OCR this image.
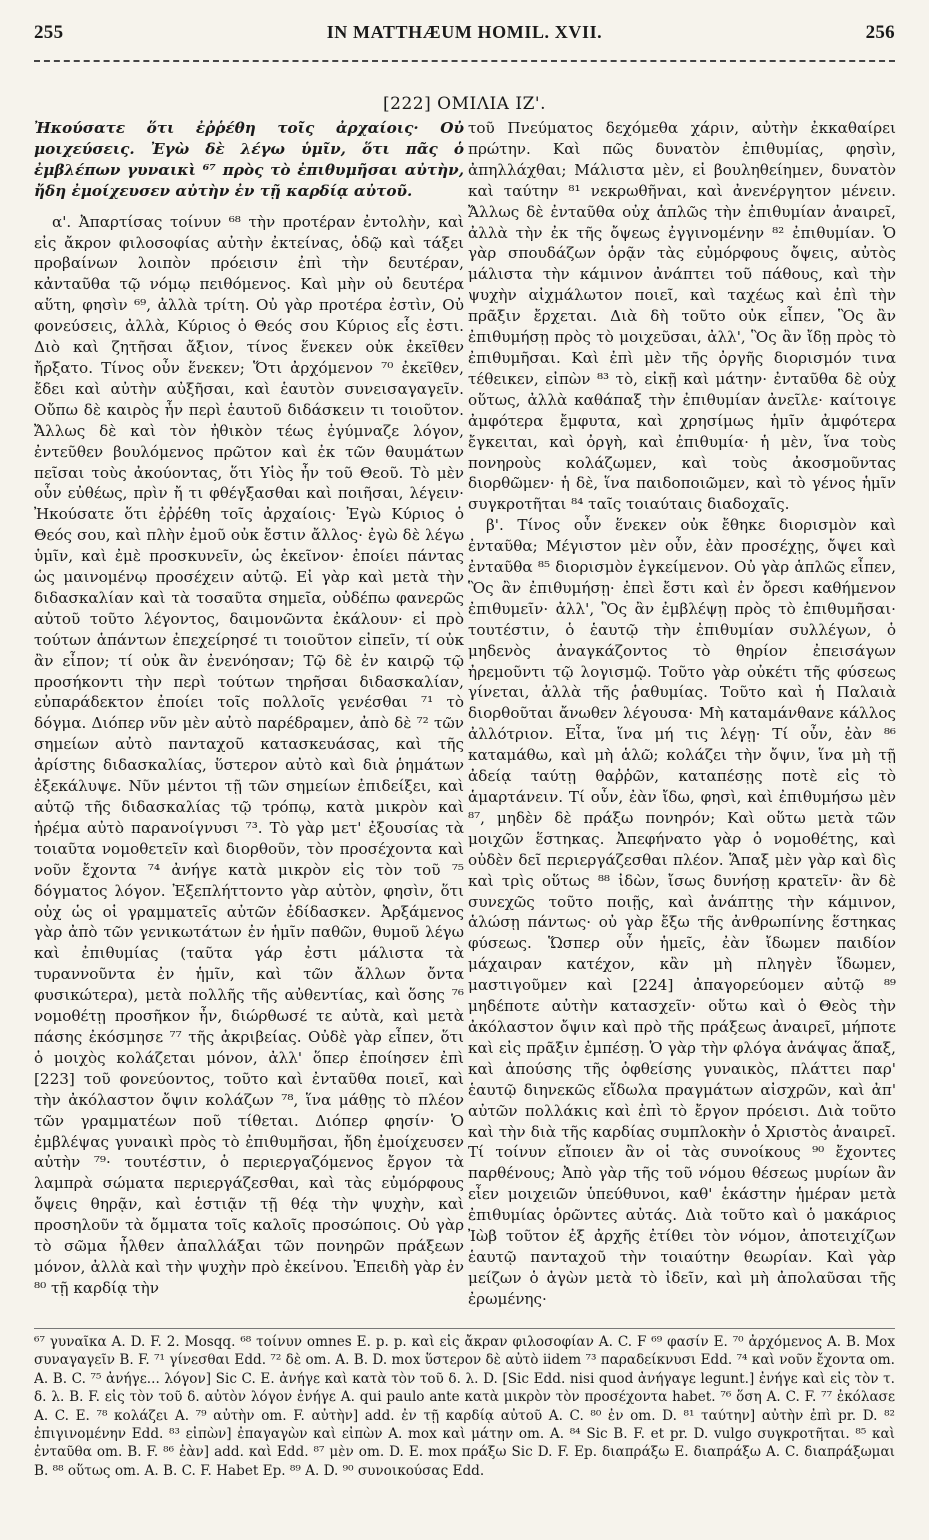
255	IN MATTHÆUM HOMIL. XVII.	256
[222] ΟΜΙΛΙΑ ΙΖ'.

Ἠκούσατε ὅτι ἐῤῥέθη τοῖς ἀρχαίοις· Οὐ μοιχεύσεις. Ἐγὼ δὲ λέγω ὑμῖν, ὅτι πᾶς ὁ ἐμβλέπων γυναικὶ ⁶⁷ πρὸς τὸ ἐπιθυμῆσαι αὐτὴν, ἤδη ἐμοίχευσεν αὐτὴν ἐν τῇ καρδίᾳ αὐτοῦ.

α'. Ἀπαρτίσας τοίνυν ⁶⁸ τὴν προτέραν ἐντολὴν, καὶ εἰς ἄκρον φιλοσοφίας αὐτὴν ἐκτείνας, ὁδῷ καὶ τάξει προβαίνων λοιπὸν πρόεισιν ἐπὶ τὴν δευτέραν, κἀνταῦθα τῷ νόμῳ πειθόμενος. Καὶ μὴν οὐ δευτέρα αὕτη, φησὶν ⁶⁹, ἀλλὰ τρίτη. Οὐ γὰρ προτέρα ἐστὶν, Οὐ φονεύσεις, ἀλλὰ, Κύριος ὁ Θεός σου Κύριος εἷς ἐστι. Διὸ καὶ ζητῆσαι ἄξιον, τίνος ἕνεκεν οὐκ ἐκεῖθεν ἤρξατο. Τίνος οὖν ἕνεκεν; Ὅτι ἀρχόμενον ⁷⁰ ἐκεῖθεν, ἔδει καὶ αὐτὴν αὐξῆσαι, καὶ ἑαυτὸν συνεισαγαγεῖν. Οὔπω δὲ καιρὸς ἦν περὶ ἑαυτοῦ διδάσκειν τι τοιοῦτον. Ἄλλως δὲ καὶ τὸν ἠθικὸν τέως ἐγύμναζε λόγον, ἐντεῦθεν βουλόμενος πρῶτον καὶ ἐκ τῶν θαυμάτων πεῖσαι τοὺς ἀκούοντας, ὅτι Υἱὸς ἦν τοῦ Θεοῦ. Τὸ μὲν οὖν εὐθέως, πρὶν ἤ τι φθέγξασθαι καὶ ποιῆσαι, λέγειν· Ἠκούσατε ὅτι ἐῤῥέθη τοῖς ἀρχαίοις· Ἐγὼ Κύριος ὁ Θεός σου, καὶ πλὴν ἐμοῦ οὐκ ἔστιν ἄλλος· ἐγὼ δὲ λέγω ὑμῖν, καὶ ἐμὲ προσκυνεῖν, ὡς ἐκεῖνον· ἐποίει πάντας ὡς μαινομένῳ προσέχειν αὐτῷ. Εἰ γὰρ καὶ μετὰ τὴν διδασκαλίαν καὶ τὰ τοσαῦτα σημεῖα, οὐδέπω φανερῶς αὐτοῦ τοῦτο λέγοντος, δαιμονῶντα ἐκάλουν· εἰ πρὸ τούτων ἁπάντων ἐπεχείρησέ τι τοιοῦτον εἰπεῖν, τί οὐκ ἂν εἶπον; τί οὐκ ἂν ἐνενόησαν; Τῷ δὲ ἐν καιρῷ τῷ προσήκοντι τὴν περὶ τούτων τηρῆσαι διδασκαλίαν, εὐπαράδεκτον ἐποίει τοῖς πολλοῖς γενέσθαι ⁷¹ τὸ δόγμα. Διόπερ νῦν μὲν αὐτὸ παρέδραμεν, ἀπὸ δὲ ⁷² τῶν σημείων αὐτὸ πανταχοῦ κατασκευάσας, καὶ τῆς ἀρίστης διδασκαλίας, ὕστερον αὐτὸ καὶ διὰ ῥημάτων ἐξεκάλυψε. Νῦν μέντοι τῇ τῶν σημείων ἐπιδείξει, καὶ αὐτῷ τῆς διδασκαλίας τῷ τρόπῳ, κατὰ μικρὸν καὶ ἠρέμα αὐτὸ παρανοίγνυσι ⁷³. Τὸ γὰρ μετ' ἐξουσίας τὰ τοιαῦτα νομοθετεῖν καὶ διορθοῦν, τὸν προσέχοντα καὶ νοῦν ἔχοντα ⁷⁴ ἀνήγε κατὰ μικρὸν εἰς τὸν τοῦ ⁷⁵ δόγματος λόγον. Ἐξεπλήττοντο γὰρ αὐτὸν, φησὶν, ὅτι οὐχ ὡς οἱ γραμματεῖς αὐτῶν ἐδίδασκεν. Ἀρξάμενος γὰρ ἀπὸ τῶν γενικωτάτων ἐν ἡμῖν παθῶν, θυμοῦ λέγω καὶ ἐπιθυμίας (ταῦτα γάρ ἐστι μάλιστα τὰ τυραννοῦντα ἐν ἡμῖν, καὶ τῶν ἄλλων ὄντα φυσικώτερα), μετὰ πολλῆς τῆς αὐθεντίας, καὶ ὅσης ⁷⁶ νομοθέτῃ προσῆκον ἦν, διώρθωσέ τε αὐτὰ, καὶ μετὰ πάσης ἐκόσμησε ⁷⁷ τῆς ἀκριβείας. Οὐδὲ γὰρ εἶπεν, ὅτι ὁ μοιχὸς κολάζεται μόνον, ἀλλ' ὅπερ ἐποίησεν ἐπὶ [223] τοῦ φονεύοντος, τοῦτο καὶ ἐνταῦθα ποιεῖ, καὶ τὴν ἀκόλαστον ὄψιν κολάζων ⁷⁸, ἵνα μάθῃς τὸ πλέον τῶν γραμματέων ποῦ τίθεται. Διόπερ φησίν· Ὁ ἐμβλέψας γυναικὶ πρὸς τὸ ἐπιθυμῆσαι, ἤδη ἐμοίχευσεν αὐτὴν ⁷⁹· τουτέστιν, ὁ περιεργαζόμενος ἔργον τὰ λαμπρὰ σώματα περιεργάζεσθαι, καὶ τὰς εὐμόρφους ὄψεις θηρᾷν, καὶ ἑστιᾷν τῇ θέᾳ τὴν ψυχὴν, καὶ προσηλοῦν τὰ ὄμματα τοῖς καλοῖς προσώποις. Οὐ γὰρ τὸ σῶμα ἦλθεν ἀπαλλάξαι τῶν πονηρῶν πράξεων μόνον, ἀλλὰ καὶ τὴν ψυχὴν πρὸ ἐκείνου. Ἐπειδὴ γὰρ ἐν ⁸⁰ τῇ καρδίᾳ τὴν

τοῦ Πνεύματος δεχόμεθα χάριν, αὐτὴν ἐκκαθαίρει πρώτην. Καὶ πῶς δυνατὸν ἐπιθυμίας, φησὶν, ἀπηλλάχθαι; Μάλιστα μὲν, εἰ βουληθείημεν, δυνατὸν καὶ ταύτην ⁸¹ νεκρωθῆναι, καὶ ἀνενέργητον μένειν. Ἄλλως δὲ ἐνταῦθα οὐχ ἁπλῶς τὴν ἐπιθυμίαν ἀναιρεῖ, ἀλλὰ τὴν ἐκ τῆς ὄψεως ἐγγινομένην ⁸² ἐπιθυμίαν. Ὁ γὰρ σπουδάζων ὁρᾷν τὰς εὐμόρφους ὄψεις, αὐτὸς μάλιστα τὴν κάμινον ἀνάπτει τοῦ πάθους, καὶ τὴν ψυχὴν αἰχμάλωτον ποιεῖ, καὶ ταχέως καὶ ἐπὶ τὴν πρᾶξιν ἔρχεται. Διὰ δὴ τοῦτο οὐκ εἶπεν, Ὃς ἂν ἐπιθυμήσῃ πρὸς τὸ μοιχεῦσαι, ἀλλ', Ὃς ἂν ἴδῃ πρὸς τὸ ἐπιθυμῆσαι. Καὶ ἐπὶ μὲν τῆς ὀργῆς διορισμόν τινα τέθεικεν, εἰπὼν ⁸³ τὸ, εἰκῇ καὶ μάτην· ἐνταῦθα δὲ οὐχ οὕτως, ἀλλὰ καθάπαξ τὴν ἐπιθυμίαν ἀνεῖλε· καίτοιγε ἀμφότερα ἔμφυτα, καὶ χρησίμως ἡμῖν ἀμφότερα ἔγκειται, καὶ ὀργὴ, καὶ ἐπιθυμία· ἡ μὲν, ἵνα τοὺς πονηροὺς κολάζωμεν, καὶ τοὺς ἀκοσμοῦντας διορθῶμεν· ἡ δὲ, ἵνα παιδοποιῶμεν, καὶ τὸ γένος ἡμῖν συγκροτῆται ⁸⁴ ταῖς τοιαύταις διαδοχαῖς.

β'. Τίνος οὖν ἕνεκεν οὐκ ἔθηκε διορισμὸν καὶ ἐνταῦθα; Μέγιστον μὲν οὖν, ἐὰν προσέχῃς, ὄψει καὶ ἐνταῦθα ⁸⁵ διορισμὸν ἐγκείμενον. Οὐ γὰρ ἁπλῶς εἶπεν, Ὃς ἂν ἐπιθυμήσῃ· ἐπεὶ ἔστι καὶ ἐν ὄρεσι καθήμενον ἐπιθυμεῖν· ἀλλ', Ὃς ἂν ἐμβλέψῃ πρὸς τὸ ἐπιθυμῆσαι· τουτέστιν, ὁ ἑαυτῷ τὴν ἐπιθυμίαν συλλέγων, ὁ μηδενὸς ἀναγκάζοντος τὸ θηρίον ἐπεισάγων ἠρεμοῦντι τῷ λογισμῷ. Τοῦτο γὰρ οὐκέτι τῆς φύσεως γίνεται, ἀλλὰ τῆς ῥαθυμίας. Τοῦτο καὶ ἡ Παλαιὰ διορθοῦται ἄνωθεν λέγουσα· Μὴ καταμάνθανε κάλλος ἀλλότριον. Εἶτα, ἵνα μή τις λέγῃ· Τί οὖν, ἐὰν ⁸⁶ καταμάθω, καὶ μὴ ἁλῶ; κολάζει τὴν ὄψιν, ἵνα μὴ τῇ ἀδείᾳ ταύτῃ θαῤῥῶν, καταπέσῃς ποτὲ εἰς τὸ ἁμαρτάνειν. Τί οὖν, ἐὰν ἴδω, φησὶ, καὶ ἐπιθυμήσω μὲν ⁸⁷, μηδὲν δὲ πράξω πονηρόν; Καὶ οὕτω μετὰ τῶν μοιχῶν ἕστηκας. Ἀπεφήνατο γὰρ ὁ νομοθέτης, καὶ οὐδὲν δεῖ περιεργάζεσθαι πλέον. Ἅπαξ μὲν γὰρ καὶ δὶς καὶ τρὶς οὕτως ⁸⁸ ἰδὼν, ἴσως δυνήσῃ κρατεῖν· ἂν δὲ συνεχῶς τοῦτο ποιῇς, καὶ ἀνάπτῃς τὴν κάμινον, ἁλώσῃ πάντως· οὐ γὰρ ἔξω τῆς ἀνθρωπίνης ἕστηκας φύσεως. Ὥσπερ οὖν ἡμεῖς, ἐὰν ἴδωμεν παιδίον μάχαιραν κατέχον, κἂν μὴ πληγὲν ἴδωμεν, μαστιγοῦμεν καὶ [224] ἀπαγορεύομεν αὐτῷ ⁸⁹ μηδέποτε αὐτὴν κατασχεῖν· οὕτω καὶ ὁ Θεὸς τὴν ἀκόλαστον ὄψιν καὶ πρὸ τῆς πράξεως ἀναιρεῖ, μήποτε καὶ εἰς πρᾶξιν ἐμπέσῃ. Ὁ γὰρ τὴν φλόγα ἀνάψας ἅπαξ, καὶ ἀπούσης τῆς ὀφθείσης γυναικὸς, πλάττει παρ' ἑαυτῷ διηνεκῶς εἴδωλα πραγμάτων αἰσχρῶν, καὶ ἀπ' αὐτῶν πολλάκις καὶ ἐπὶ τὸ ἔργον πρόεισι. Διὰ τοῦτο καὶ τὴν διὰ τῆς καρδίας συμπλοκὴν ὁ Χριστὸς ἀναιρεῖ. Τί τοίνυν εἴποιεν ἂν οἱ τὰς συνοίκους ⁹⁰ ἔχοντες παρθένους; Ἀπὸ γὰρ τῆς τοῦ νόμου θέσεως μυρίων ἂν εἶεν μοιχειῶν ὑπεύθυνοι, καθ' ἑκάστην ἡμέραν μετὰ ἐπιθυμίας ὁρῶντες αὐτάς. Διὰ τοῦτο καὶ ὁ μακάριος Ἰὼβ τοῦτον ἐξ ἀρχῆς ἐτίθει τὸν νόμον, ἀποτειχίζων ἑαυτῷ πανταχοῦ τὴν τοιαύτην θεωρίαν. Καὶ γὰρ μείζων ὁ ἀγὼν μετὰ τὸ ἰδεῖν, καὶ μὴ ἀπολαῦσαι τῆς ἐρωμένης·

⁶⁷ γυναῖκα A. D. F. 2. Mosqq. ⁶⁸ τοίνυν omnes E. p. p. καὶ εἰς ἄκραν φιλοσοφίαν A. C. F ⁶⁹ φασίν E. ⁷⁰ ἀρχόμενος A. B. Mox συναγαγεῖν B. F. ⁷¹ γίνεσθαι Edd. ⁷² δὲ om. A. B. D. mox ὕστερον δὲ αὐτὸ iidem ⁷³ παραδείκνυσι Edd. ⁷⁴ καὶ νοῦν ἔχοντα om. A. B. C. ⁷⁵ ἀνήγε... λόγον] Sic C. E. ἀνήγε καὶ κατὰ τὸν τοῦ δ. λ. D. [Sic Edd. nisi quod ἀνήγαγε legunt.] ἐνήγε καὶ εἰς τὸν τ. δ. λ. B. F. εἰς τὸν τοῦ δ. αὐτὸν λόγον ἐνήγε A. qui paulo ante κατὰ μικρὸν τὸν προσέχοντα habet. ⁷⁶ ὅση A. C. F. ⁷⁷ ἐκόλασε A. C. E. ⁷⁸ κολάζει A. ⁷⁹ αὐτὴν om. F. αὐτὴν] add. ἐν τῇ καρδίᾳ αὐτοῦ A. C. ⁸⁰ ἐν om. D. ⁸¹ ταύτην] αὐτὴν ἐπὶ pr. D. ⁸² ἐπιγινομένην Edd. ⁸³ εἰπὼν] ἐπαγαγὼν καὶ εἰπὼν A. mox καὶ μάτην om. A. ⁸⁴ Sic B. F. et pr. D. vulgo συγκροτῆται. ⁸⁵ καὶ ἐνταῦθα om. B. F. ⁸⁶ ἐὰν] add. καὶ Edd. ⁸⁷ μὲν om. D. E. mox πράξω Sic D. F. Ep. διαπράξω E. διαπράξω A. C. διαπράξωμαι B. ⁸⁸ οὕτως om. A. B. C. F. Habet Ep. ⁸⁹ A. D. ⁹⁰ συνοικούσας Edd.
